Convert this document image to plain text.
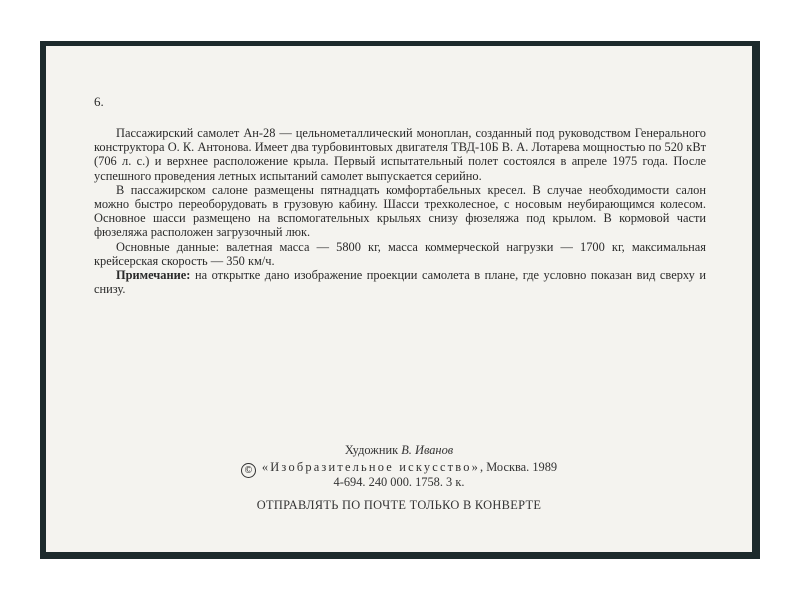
6.

Пассажирский самолет Ан-28 — цельнометаллический моноплан, созданный под руководством Генерального конструктора О. К. Антонова. Имеет два турбовинтовых двигателя ТВД-10Б В. А. Лотарева мощностью по 520 кВт (706 л. с.) и верхнее расположение крыла. Первый испытательный полет состоялся в апреле 1975 года. После успешного проведения летных испытаний самолет выпускается серийно.

В пассажирском салоне размещены пятнадцать комфортабельных кресел. В случае необходимости салон можно быстро переоборудовать в грузовую кабину. Шасси трехколесное, с носовым неубирающимся колесом. Основное шасси размещено на вспомогательных крыльях снизу фюзеляжа под крылом. В кормовой части фюзеляжа расположен загрузочный люк.

Основные данные: валетная масса — 5800 кг, масса коммерческой нагрузки — 1700 кг, максимальная крейсерская скорость — 350 км/ч.

Примечание: на открытке дано изображение проекции самолета в плане, где условно показан вид сверху и снизу.

Художник В. Иванов
© «Изобразительное искусство», Москва. 1989
4-694. 240 000. 1758. 3 к.
ОТПРАВЛЯТЬ ПО ПОЧТЕ ТОЛЬКО В КОНВЕРТЕ
